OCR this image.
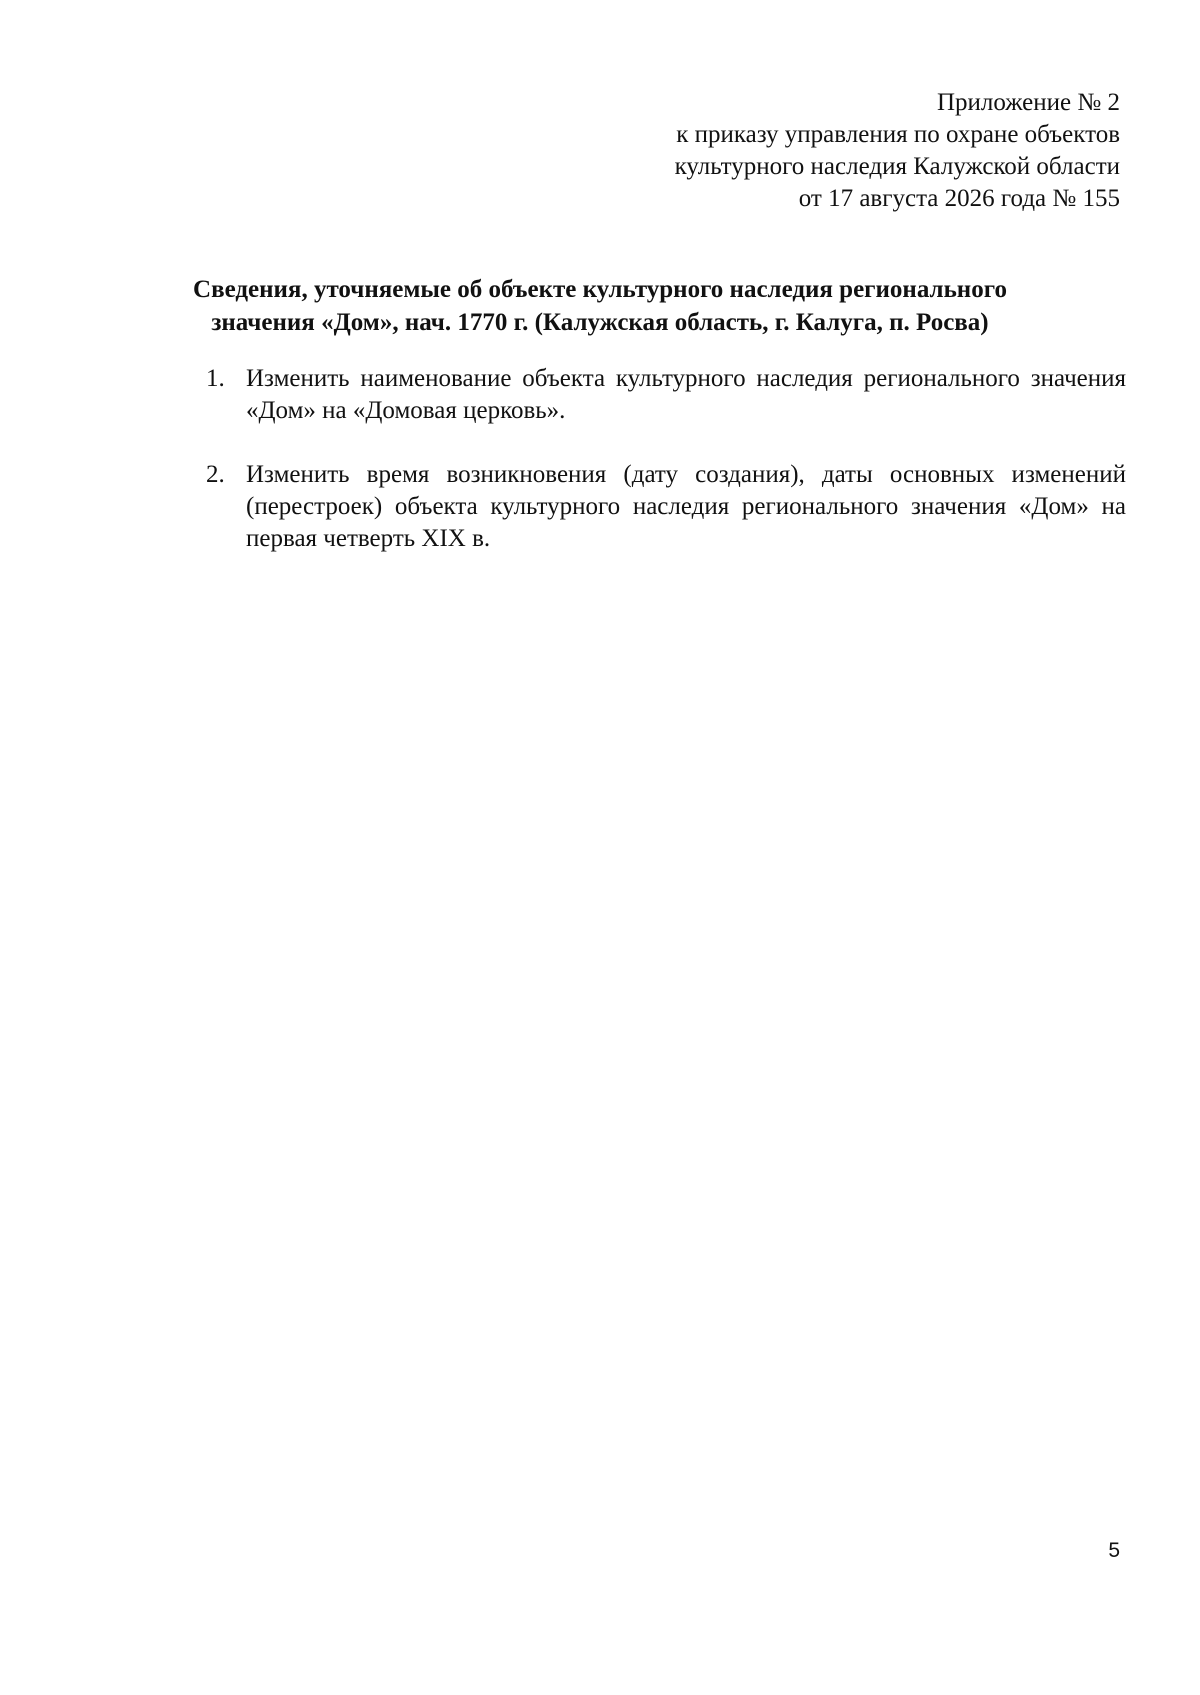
Приложение № 2
к приказу управления по охране объектов
культурного наследия Калужской области
от 17 августа 2026 года № 155
Сведения, уточняемые об объекте культурного наследия регионального
значения «Дом», нач. 1770 г. (Калужская область, г. Калуга, п. Росва)
1. Изменить наименование объекта культурного наследия регионального значения «Дом» на «Домовая церковь».
2. Изменить время возникновения (дату создания), даты основных изменений (перестроек) объекта культурного наследия регионального значения «Дом» на первая четверть XIX в.
5
